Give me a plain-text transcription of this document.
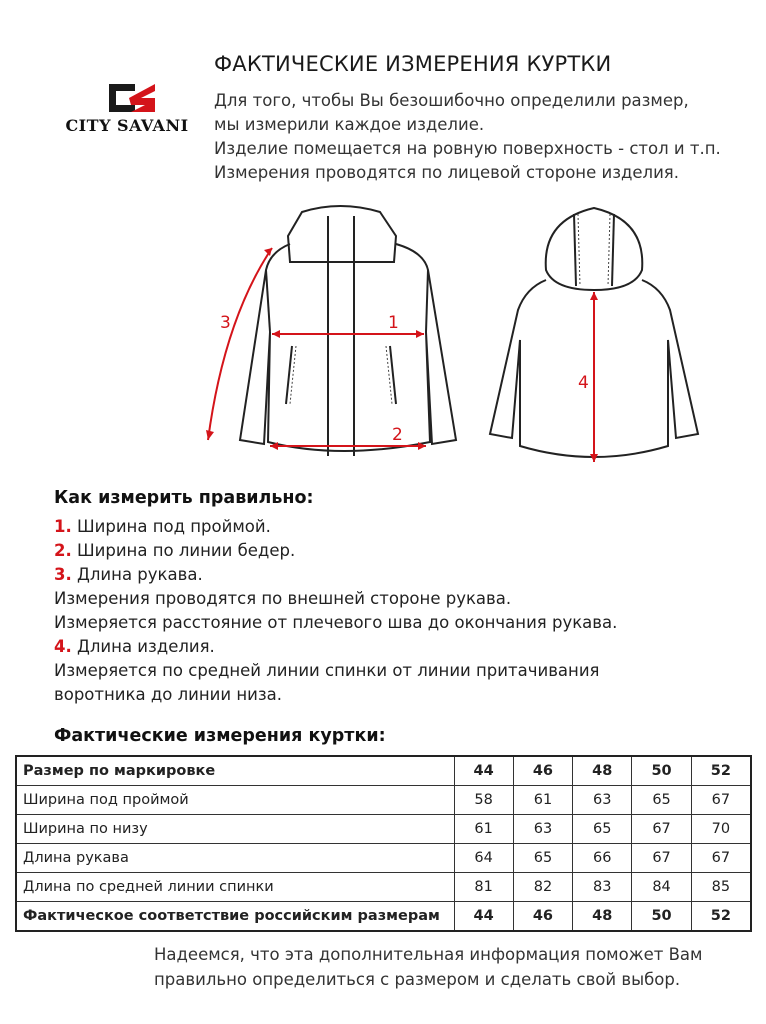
CITY SAVANI
ФАКТИЧЕСКИЕ ИЗМЕРЕНИЯ КУРТКИ
Для того, чтобы Вы безошибочно определили размер,
мы измерили каждое изделие.
Изделие помещается на ровную поверхность - стол и т.п.
Измерения проводятся по лицевой стороне изделия.
1
2
3
4
Как измерить правильно:
1. Ширина под проймой.
2. Ширина по линии бедер.
3. Длина рукава.
Измерения проводятся по внешней стороне рукава.
Измеряется расстояние от плечевого шва до окончания рукава.
4. Длина изделия.
Измеряется по средней линии спинки от линии притачивания
воротника до линии низа.
Фактические измерения куртки:
Размер по маркировке	44	46	48	50	52
Ширина под проймой	58	61	63	65	67
Ширина по низу	61	63	65	67	70
Длина рукава	64	65	66	67	67
Длина по средней линии спинки	81	82	83	84	85
Фактическое соответствие российским размерам	44	46	48	50	52
Надеемся, что эта дополнительная информация поможет Вам
правильно определиться с размером и сделать свой выбор.
